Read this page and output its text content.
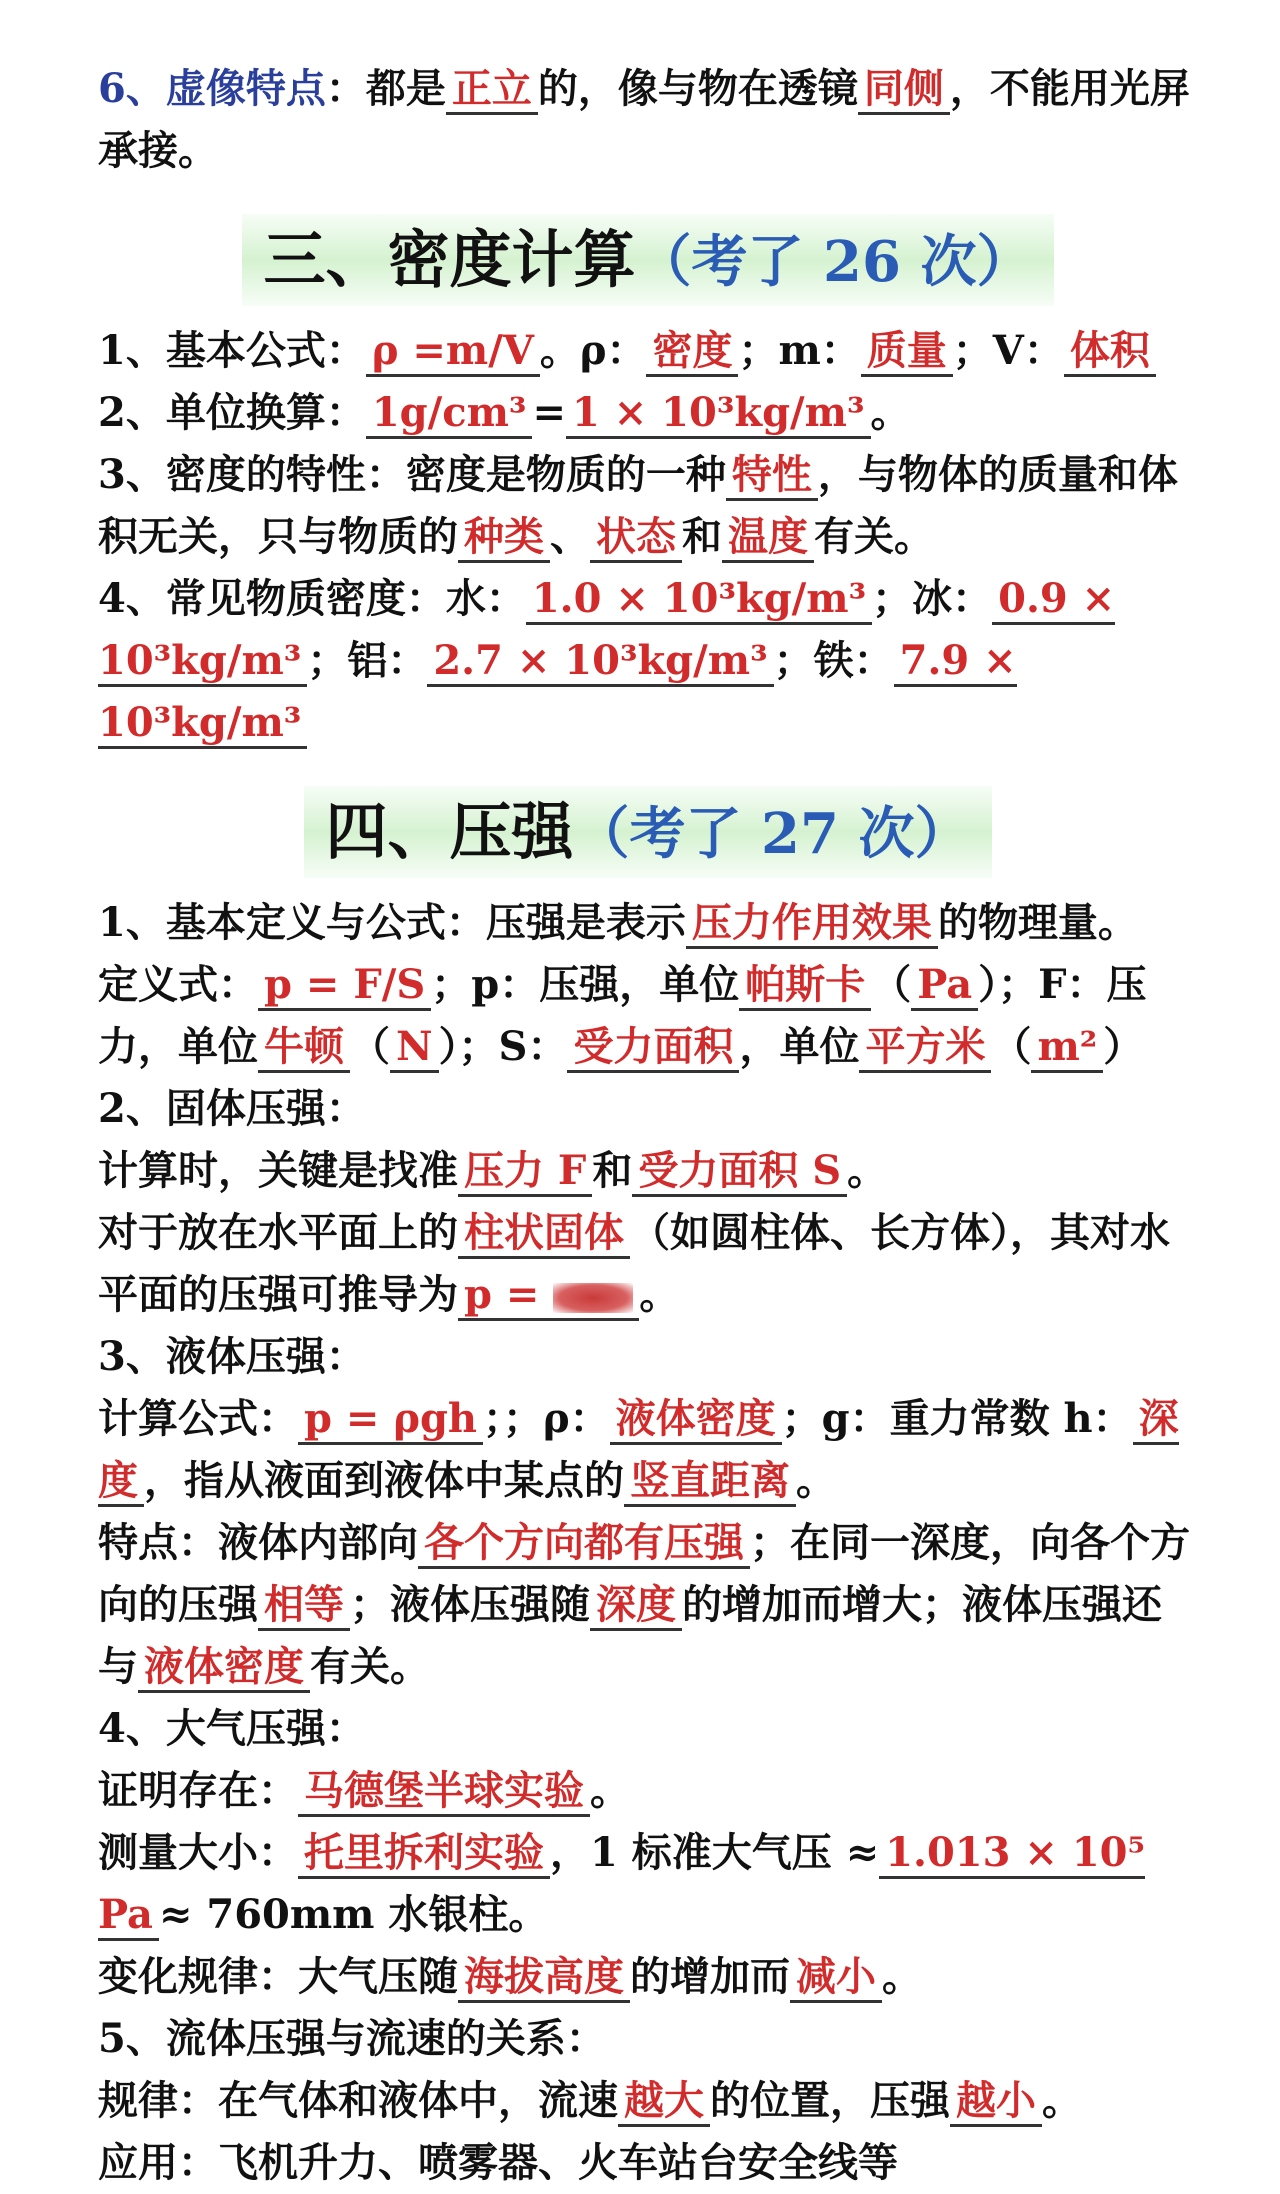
6、虚像特点：都是 正立 的，像与物在透镜 同侧 ，不能用光屏承接。
三、密度计算（考了 26 次）
1、基本公式： ρ =m/V 。ρ： 密度 ；m： 质量 ；V： 体积
2、单位换算： 1g/cm³ = 1 × 10³kg/m³ 。
3、密度的特性：密度是物质的一种 特性 ，与物体的质量和体积无关，只与物质的 种类 、 状态 和 温度 有关。
4、常见物质密度：水： 1.0 × 10³kg/m³ ；冰： 0.9 × 10³kg/m³ ；铝： 2.7 × 10³kg/m³ ；铁： 7.9 × 10³kg/m³
四、压强（考了 27 次）
1、基本定义与公式：压强是表示 压力作用效果 的物理量。
定义式： p = F/S ；p：压强，单位 帕斯卡 （ Pa ）；F：压力，单位 牛顿 （ N ）；S： 受力面积 ，单位 平方米 （ m² ）
2、固体压强：
计算时，关键是找准 压力 F 和 受力面积 S 。
对于放在水平面上的 柱状固体 （如圆柱体、长方体），其对水平面的压强可推导为 p = 。
3、液体压强：
计算公式： p = ρgh ；；ρ： 液体密度 ；g：重力常数 h： 深度 ，指从液面到液体中某点的 竖直距离 。
特点：液体内部向 各个方向都有压强 ；在同一深度，向各个方向的压强 相等 ；液体压强随 深度 的增加而增大；液体压强还与 液体密度 有关。
4、大气压强：
证明存在： 马德堡半球实验 。
测量大小： 托里拆利实验 ，1 标准大气压 ≈ 1.013 × 10⁵ Pa ≈ 760mm 水银柱。
变化规律：大气压随 海拔高度 的增加而 减小 。
5、流体压强与流速的关系：
规律：在气体和液体中，流速 越大 的位置，压强 越小 。
应用：飞机升力、喷雾器、火车站台安全线等
